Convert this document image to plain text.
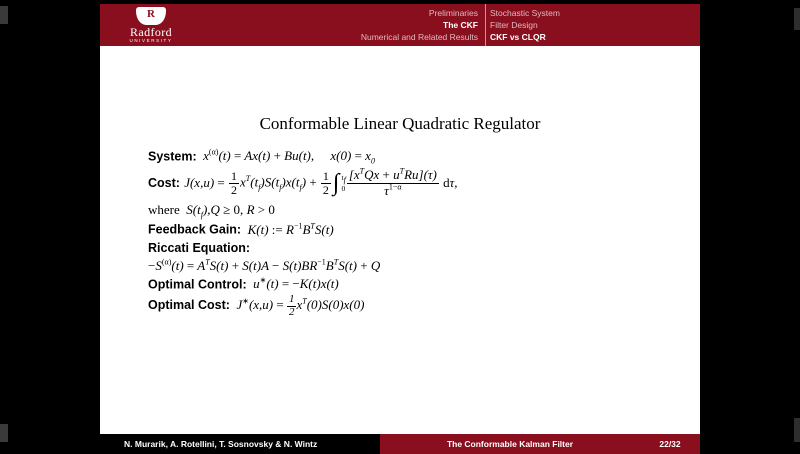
R
Radford
UNIVERSITY
Preliminaries
The CKF
Numerical and Related Results
Stochastic System
Filter Design
CKF vs CLQR
Conformable Linear Quadratic Regulator
System:  $x^{(\alpha)}(t) = Ax(t) + Bu(t)$,     $x(0) = x_0$
Cost: $J(x,u) = \frac{1}{2} x^T(t_f)S(t_f)x(t_f) + \frac{1}{2}$ ∫ $t_f$
$0 \frac{[x^TQx + u^TRu](\tau)}{\tau^{1-\alpha}} d\tau$,
where  $S(t_f),Q \ge 0$, R > 0
Feedback Gain:  K(t) := $R^{-1}B^TS(t)$
Riccati Equation:
$-S^{(\alpha)}(t) = A^TS(t) + S(t)A - S(t)BR^{-1}B^TS(t) + Q$
Optimal Control:  u∗(t) = −K(t)x(t)
Optimal Cost:  $J^∗(x,u) = \frac{1}{2} x^T(0)S(0)x(0)$
N. Murarik, A. Rotellini, T. Sosnovsky & N. Wintz	The Conformable Kalman Filter	22/32
